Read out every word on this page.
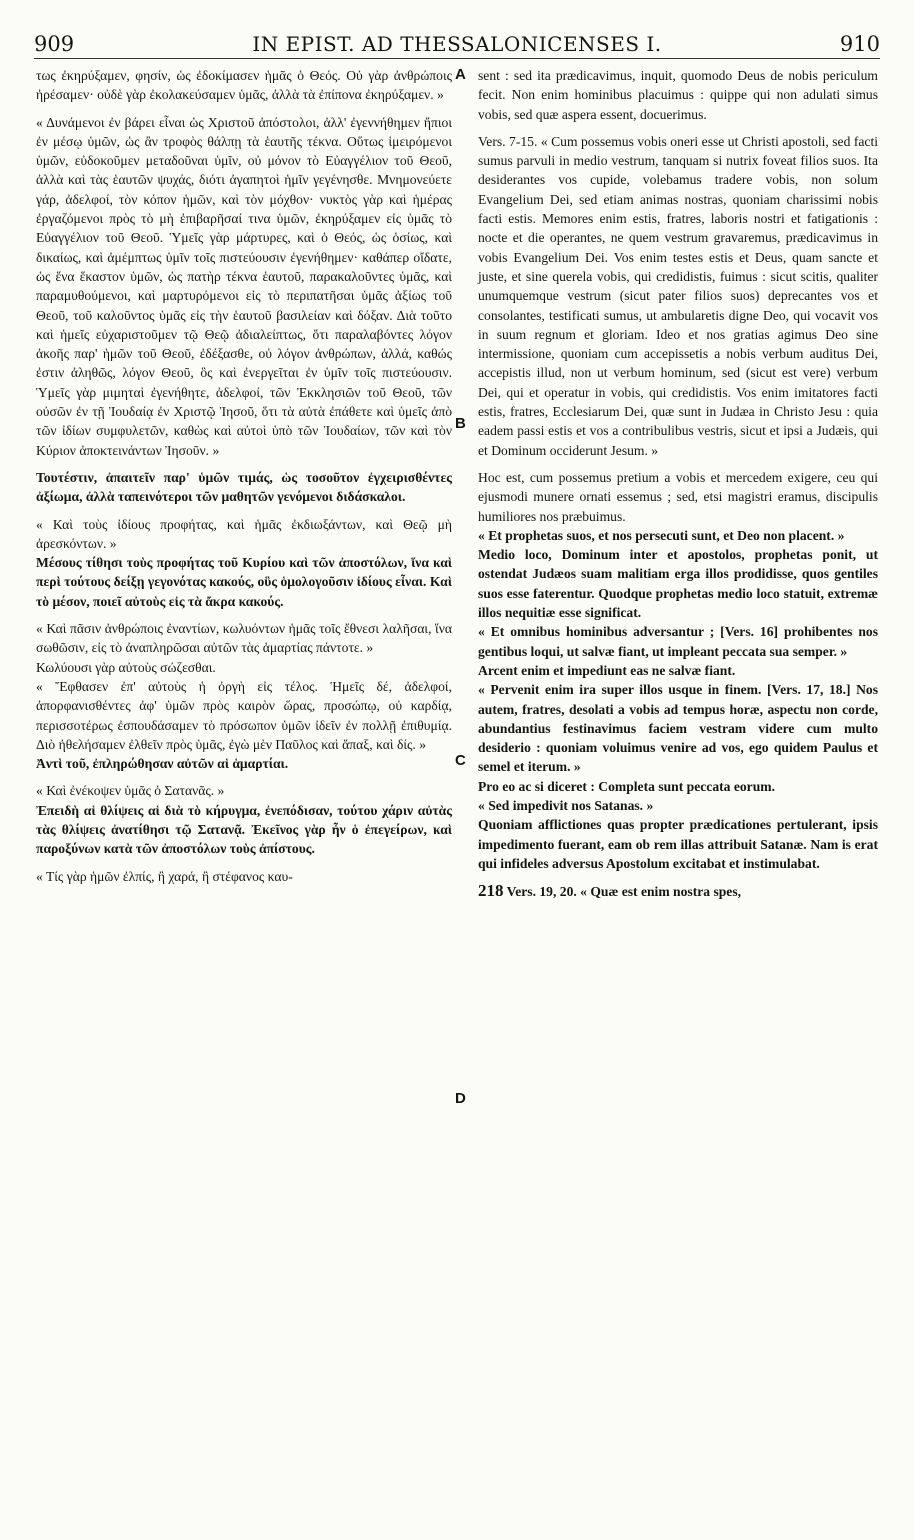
909	IN EPIST. AD THESSALONICENSES I.	910
A
B
C
D

τως ἐκηρύξαμεν, φησίν, ὡς ἐδοκίμασεν ἡμᾶς ὁ Θεός. Οὐ γὰρ ἀνθρώποις ἠρέσαμεν· οὐδὲ γὰρ ἐκολακεύσαμεν ὑμᾶς, ἀλλὰ τὰ ἐπίπονα ἐκηρύξαμεν. »

« Δυνάμενοι ἐν βάρει εἶναι ὡς Χριστοῦ ἀπόστολοι, ἀλλ' ἐγεννήθημεν ἤπιοι ἐν μέσῳ ὑμῶν, ὡς ἂν τροφὸς θάλπῃ τὰ ἑαυτῆς τέκνα. Οὕτως ἱμειρόμενοι ὑμῶν, εὐδοκοῦμεν μεταδοῦναι ὑμῖν, οὐ μόνον τὸ Εὐαγγέλιον τοῦ Θεοῦ, ἀλλὰ καὶ τὰς ἑαυτῶν ψυχάς, διότι ἀγαπητοὶ ἡμῖν γεγένησθε. Μνημονεύετε γάρ, ἀδελφοί, τὸν κόπον ἡμῶν, καὶ τὸν μόχθον· νυκτὸς γὰρ καὶ ἡμέρας ἐργαζόμενοι πρὸς τὸ μὴ ἐπιβαρῆσαί τινα ὑμῶν, ἐκηρύξαμεν εἰς ὑμᾶς τὸ Εὐαγγέλιον τοῦ Θεοῦ. Ὑμεῖς γὰρ μάρτυρες, καὶ ὁ Θεός, ὡς ὁσίως, καὶ δικαίως, καὶ ἀμέμπτως ὑμῖν τοῖς πιστεύουσιν ἐγενήθημεν· καθάπερ οἴδατε, ὡς ἕνα ἕκαστον ὑμῶν, ὡς πατὴρ τέκνα ἑαυτοῦ, παρακαλοῦντες ὑμᾶς, καὶ παραμυθούμενοι, καὶ μαρτυρόμενοι εἰς τὸ περιπατῆσαι ὑμᾶς ἀξίως τοῦ Θεοῦ, τοῦ καλοῦντος ὑμᾶς εἰς τὴν ἑαυτοῦ βασιλείαν καὶ δόξαν. Διὰ τοῦτο καὶ ἡμεῖς εὐχαριστοῦμεν τῷ Θεῷ ἀδιαλείπτως, ὅτι παραλαβόντες λόγον ἀκοῆς παρ' ἡμῶν τοῦ Θεοῦ, ἐδέξασθε, οὐ λόγον ἀνθρώπων, ἀλλά, καθώς ἐστιν ἀληθῶς, λόγον Θεοῦ, ὃς καὶ ἐνεργεῖται ἐν ὑμῖν τοῖς πιστεύουσιν. Ὑμεῖς γὰρ μιμηταὶ ἐγενήθητε, ἀδελφοί, τῶν Ἐκκλησιῶν τοῦ Θεοῦ, τῶν οὐσῶν ἐν τῇ Ἰουδαίᾳ ἐν Χριστῷ Ἰησοῦ, ὅτι τὰ αὐτὰ ἐπάθετε καὶ ὑμεῖς ἀπὸ τῶν ἰδίων συμφυλετῶν, καθὼς καὶ αὐτοὶ ὑπὸ τῶν Ἰουδαίων, τῶν καὶ τὸν Κύριον ἀποκτεινάντων Ἰησοῦν. »

Τουτέστιν, ἀπαιτεῖν παρ' ὑμῶν τιμάς, ὡς τοσοῦτον ἐγχειρισθέντες ἀξίωμα, ἀλλὰ ταπεινότεροι τῶν μαθητῶν γενόμενοι διδάσκαλοι.

« Καὶ τοὺς ἰδίους προφήτας, καὶ ἡμᾶς ἐκδιωξάντων, καὶ Θεῷ μὴ ἀρεσκόντων. »

Μέσους τίθησι τοὺς προφήτας τοῦ Κυρίου καὶ τῶν ἀποστόλων, ἵνα καὶ περὶ τούτους δείξῃ γεγονότας κακούς, οὓς ὁμολογοῦσιν ἰδίους εἶναι. Καὶ τὸ μέσον, ποιεῖ αὐτοὺς εἰς τὰ ἄκρα κακούς.

« Καὶ πᾶσιν ἀνθρώποις ἐναντίων, κωλυόντων ἡμᾶς τοῖς ἔθνεσι λαλῆσαι, ἵνα σωθῶσιν, εἰς τὸ ἀναπληρῶσαι αὐτῶν τὰς ἁμαρτίας πάντοτε. »

Κωλύουσι γὰρ αὐτοὺς σώζεσθαι.

« Ἔφθασεν ἐπ' αὐτοὺς ἡ ὀργὴ εἰς τέλος. Ἡμεῖς δέ, ἀδελφοί, ἀπορφανισθέντες ἀφ' ὑμῶν πρὸς καιρὸν ὥρας, προσώπῳ, οὐ καρδίᾳ, περισσοτέρως ἐσπουδάσαμεν τὸ πρόσωπον ὑμῶν ἰδεῖν ἐν πολλῇ ἐπιθυμίᾳ. Διὸ ἠθελήσαμεν ἐλθεῖν πρὸς ὑμᾶς, ἐγὼ μὲν Παῦλος καὶ ἅπαξ, καὶ δίς. »

Ἀντὶ τοῦ, ἐπληρώθησαν αὐτῶν αἱ ἁμαρτίαι.

« Καὶ ἐνέκοψεν ὑμᾶς ὁ Σατανᾶς. »

Ἐπειδὴ αἱ θλίψεις αἱ διὰ τὸ κήρυγμα, ἐνεπόδισαν, τούτου χάριν αὐτὰς τὰς θλίψεις ἀνατίθησι τῷ Σατανᾷ. Ἐκεῖνος γὰρ ἦν ὁ ἐπεγείρων, καὶ παροξύνων κατὰ τῶν ἀποστόλων τοὺς ἀπίστους.

« Τίς γὰρ ἡμῶν ἐλπίς, ἢ χαρά, ἢ στέφανος καυ-

sent : sed ita prædicavimus, inquit, quomodo Deus de nobis periculum fecit. Non enim hominibus placuimus : quippe qui non adulati simus vobis, sed quæ aspera essent, docuerimus.

Vers. 7-15. « Cum possemus vobis oneri esse ut Christi apostoli, sed facti sumus parvuli in medio vestrum, tanquam si nutrix foveat filios suos. Ita desiderantes vos cupide, volebamus tradere vobis, non solum Evangelium Dei, sed etiam animas nostras, quoniam charissimi nobis facti estis. Memores enim estis, fratres, laboris nostri et fatigationis : nocte et die operantes, ne quem vestrum gravaremus, prædicavimus in vobis Evangelium Dei. Vos enim testes estis et Deus, quam sancte et juste, et sine querela vobis, qui credidistis, fuimus : sicut scitis, qualiter unumquemque vestrum (sicut pater filios suos) deprecantes vos et consolantes, testificati sumus, ut ambularetis digne Deo, qui vocavit vos in suum regnum et gloriam. Ideo et nos gratias agimus Deo sine intermissione, quoniam cum accepissetis a nobis verbum auditus Dei, accepistis illud, non ut verbum hominum, sed (sicut est vere) verbum Dei, qui et operatur in vobis, qui credidistis. Vos enim imitatores facti estis, fratres, Ecclesiarum Dei, quæ sunt in Judæa in Christo Jesu : quia eadem passi estis et vos a contribulibus vestris, sicut et ipsi a Judæis, qui et Dominum occiderunt Jesum. »

Hoc est, cum possemus pretium a vobis et mercedem exigere, ceu qui ejusmodi munere ornati essemus ; sed, etsi magistri eramus, discipulis humiliores nos præbuimus.

« Et prophetas suos, et nos persecuti sunt, et Deo non placent. »

Medio loco, Dominum inter et apostolos, prophetas ponit, ut ostendat Judæos suam malitiam erga illos prodidisse, quos gentiles suos esse faterentur. Quodque prophetas medio loco statuit, extremæ illos nequitiæ esse significat.

« Et omnibus hominibus adversantur ; [Vers. 16] prohibentes nos gentibus loqui, ut salvæ fiant, ut impleant peccata sua semper. »

Arcent enim et impediunt eas ne salvæ fiant.

« Pervenit enim ira super illos usque in finem. [Vers. 17, 18.] Nos autem, fratres, desolati a vobis ad tempus horæ, aspectu non corde, abundantius festinavimus faciem vestram videre cum multo desiderio : quoniam voluimus venire ad vos, ego quidem Paulus et semel et iterum. »

Pro eo ac si diceret : Completa sunt peccata eorum.

« Sed impedivit nos Satanas. »

Quoniam afflictiones quas propter prædicationes pertulerant, ipsis impedimento fuerant, eam ob rem illas attribuit Satanæ. Nam is erat qui infideles adversus Apostolum excitabat et instimulabat.

218 Vers. 19, 20. « Quæ est enim nostra spes,
